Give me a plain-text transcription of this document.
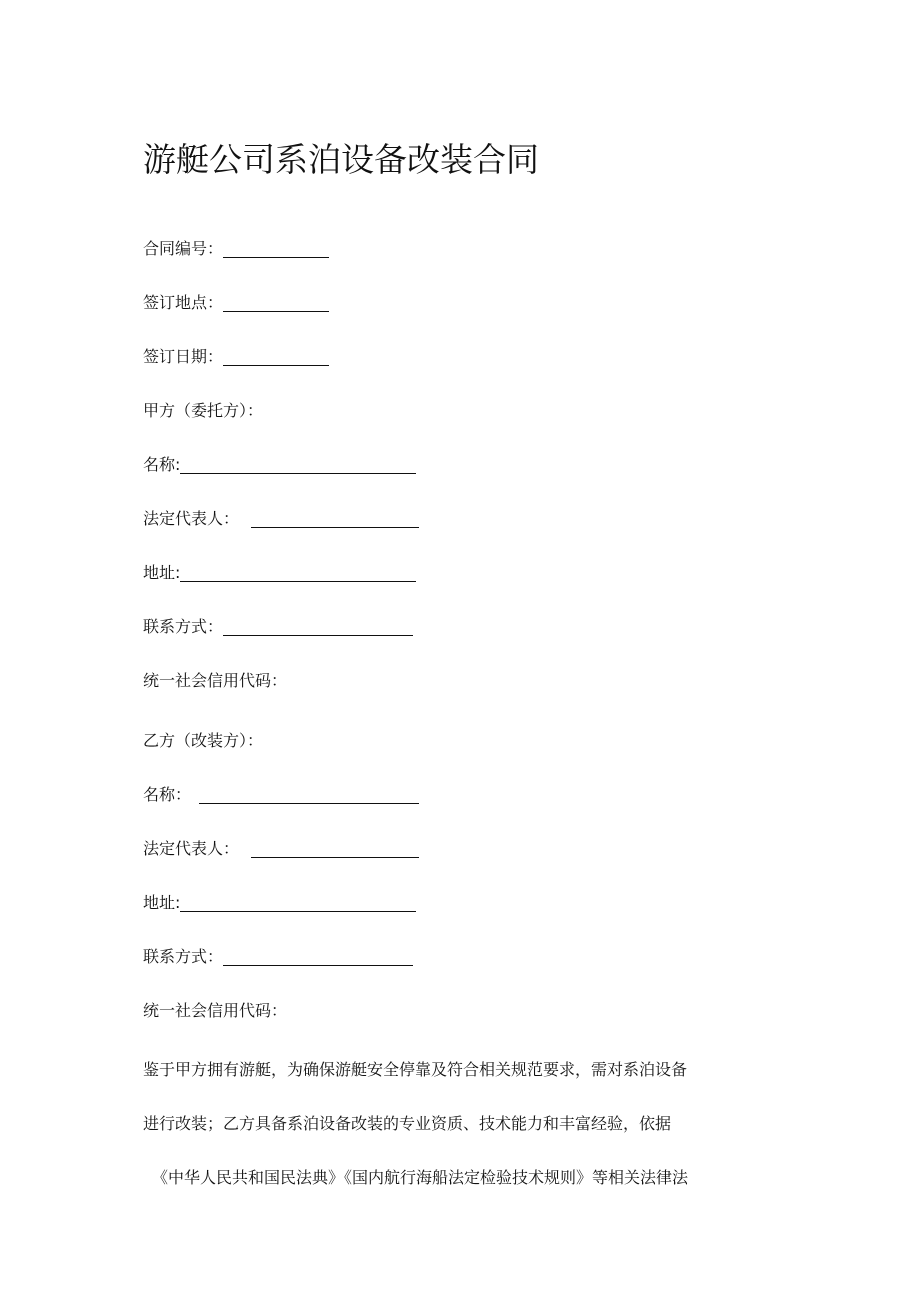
游艇公司系泊设备改装合同
合同编号：
签订地点：
签订日期：
甲方（委托方）：
名称:
法定代表人：
地址:
联系方式：
统一社会信用代码：
乙方（改装方）：
名称：
法定代表人：
地址:
联系方式：
统一社会信用代码：
鉴于甲方拥有游艇，为确保游艇安全停靠及符合相关规范要求，需对系泊设备
进行改装；乙方具备系泊设备改装的专业资质、技术能力和丰富经验，依据
《中华人民共和国民法典》《国内航行海船法定检验技术规则》等相关法律法
